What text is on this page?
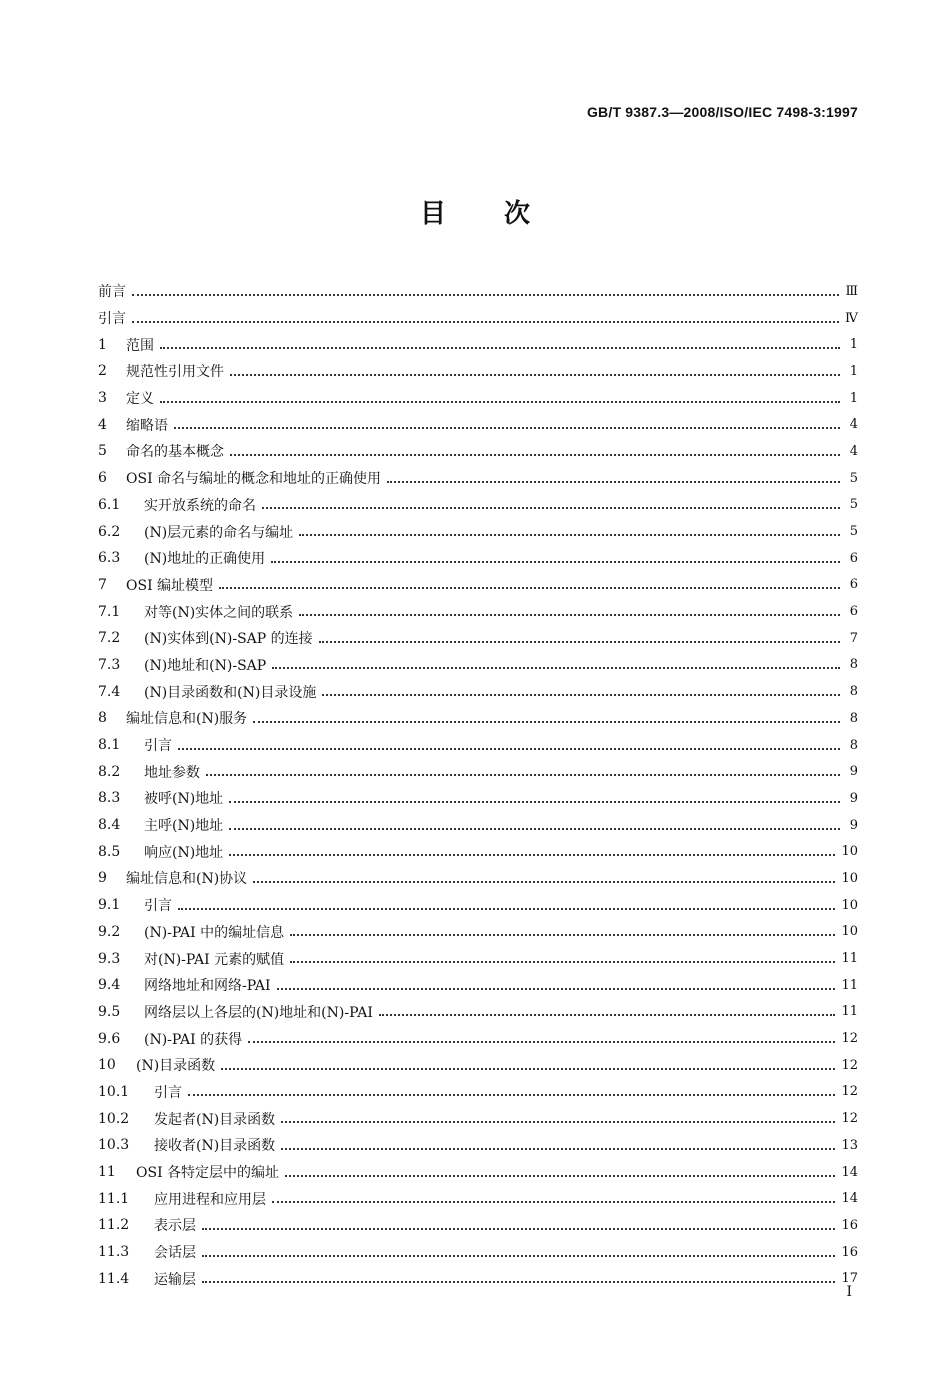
GB/T 9387.3—2008/ISO/IEC 7498-3:1997
目次
前言	Ⅲ
引言	Ⅳ
1	范围	1
2	规范性引用文件	1
3	定义	1
4	缩略语	4
5	命名的基本概念	4
6	OSI 命名与编址的概念和地址的正确使用	5
6.1	实开放系统的命名	5
6.2	(N)层元素的命名与编址	5
6.3	(N)地址的正确使用	6
7	OSI 编址模型	6
7.1	对等(N)实体之间的联系	6
7.2	(N)实体到(N)-SAP 的连接	7
7.3	(N)地址和(N)-SAP	8
7.4	(N)目录函数和(N)目录设施	8
8	编址信息和(N)服务	8
8.1	引言	8
8.2	地址参数	9
8.3	被呼(N)地址	9
8.4	主呼(N)地址	9
8.5	响应(N)地址	10
9	编址信息和(N)协议	10
9.1	引言	10
9.2	(N)-PAI 中的编址信息	10
9.3	对(N)-PAI 元素的赋值	11
9.4	网络地址和网络-PAI	11
9.5	网络层以上各层的(N)地址和(N)-PAI	11
9.6	(N)-PAI 的获得	12
10	(N)目录函数	12
10.1	引言	12
10.2	发起者(N)目录函数	12
10.3	接收者(N)目录函数	13
11	OSI 各特定层中的编址	14
11.1	应用进程和应用层	14
11.2	表示层	16
11.3	会话层	16
11.4	运输层	17
Ⅰ
